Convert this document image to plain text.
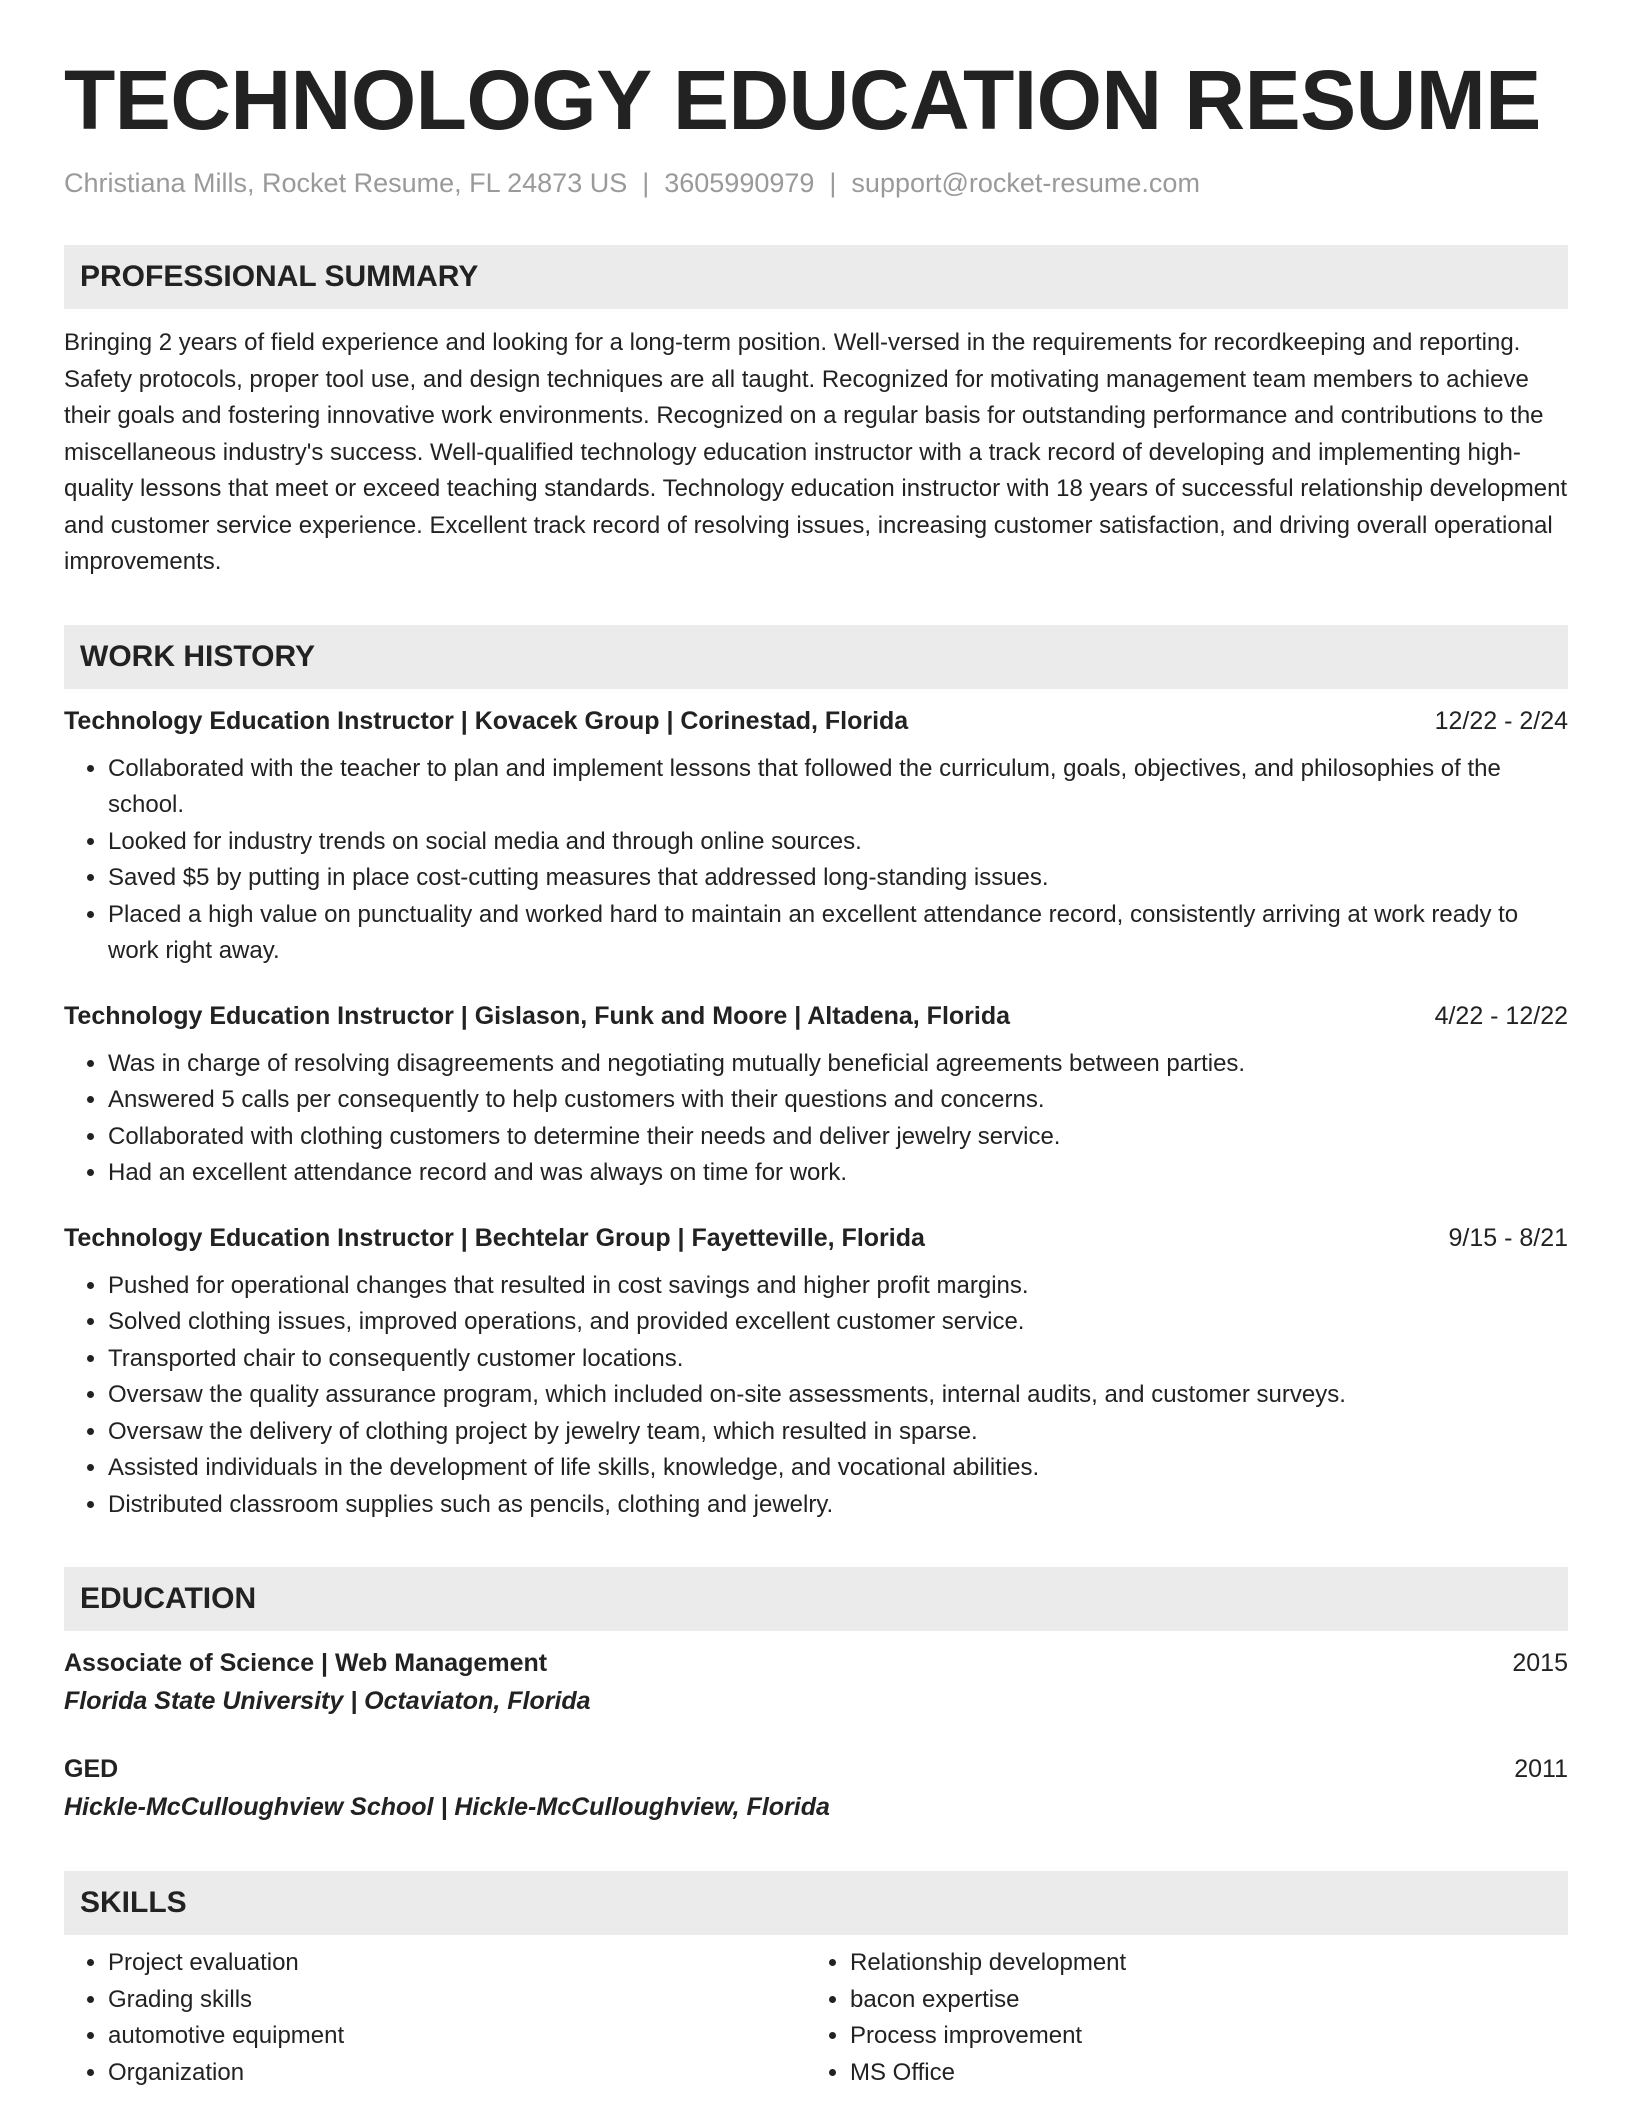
TECHNOLOGY EDUCATION RESUME
Christiana Mills, Rocket Resume, FL 24873 US | 3605990979 | support@rocket-resume.com
PROFESSIONAL SUMMARY
Bringing 2 years of field experience and looking for a long-term position. Well-versed in the requirements for recordkeeping and reporting. Safety protocols, proper tool use, and design techniques are all taught. Recognized for motivating management team members to achieve their goals and fostering innovative work environments. Recognized on a regular basis for outstanding performance and contributions to the miscellaneous industry's success. Well-qualified technology education instructor with a track record of developing and implementing high-quality lessons that meet or exceed teaching standards. Technology education instructor with 18 years of successful relationship development and customer service experience. Excellent track record of resolving issues, increasing customer satisfaction, and driving overall operational improvements.
WORK HISTORY
Technology Education Instructor | Kovacek Group | Corinestad, Florida	12/22 - 2/24
• Collaborated with the teacher to plan and implement lessons that followed the curriculum, goals, objectives, and philosophies of the school.
• Looked for industry trends on social media and through online sources.
• Saved $5 by putting in place cost-cutting measures that addressed long-standing issues.
• Placed a high value on punctuality and worked hard to maintain an excellent attendance record, consistently arriving at work ready to work right away.
Technology Education Instructor | Gislason, Funk and Moore | Altadena, Florida	4/22 - 12/22
• Was in charge of resolving disagreements and negotiating mutually beneficial agreements between parties.
• Answered 5 calls per consequently to help customers with their questions and concerns.
• Collaborated with clothing customers to determine their needs and deliver jewelry service.
• Had an excellent attendance record and was always on time for work.
Technology Education Instructor | Bechtelar Group | Fayetteville, Florida	9/15 - 8/21
• Pushed for operational changes that resulted in cost savings and higher profit margins.
• Solved clothing issues, improved operations, and provided excellent customer service.
• Transported chair to consequently customer locations.
• Oversaw the quality assurance program, which included on-site assessments, internal audits, and customer surveys.
• Oversaw the delivery of clothing project by jewelry team, which resulted in sparse.
• Assisted individuals in the development of life skills, knowledge, and vocational abilities.
• Distributed classroom supplies such as pencils, clothing and jewelry.
EDUCATION
Associate of Science | Web Management	2015
Florida State University | Octaviaton, Florida
GED	2011
Hickle-McCulloughview School | Hickle-McCulloughview, Florida
SKILLS
• Project evaluation
• Grading skills
• automotive equipment
• Organization
• Relationship development
• bacon expertise
• Process improvement
• MS Office
